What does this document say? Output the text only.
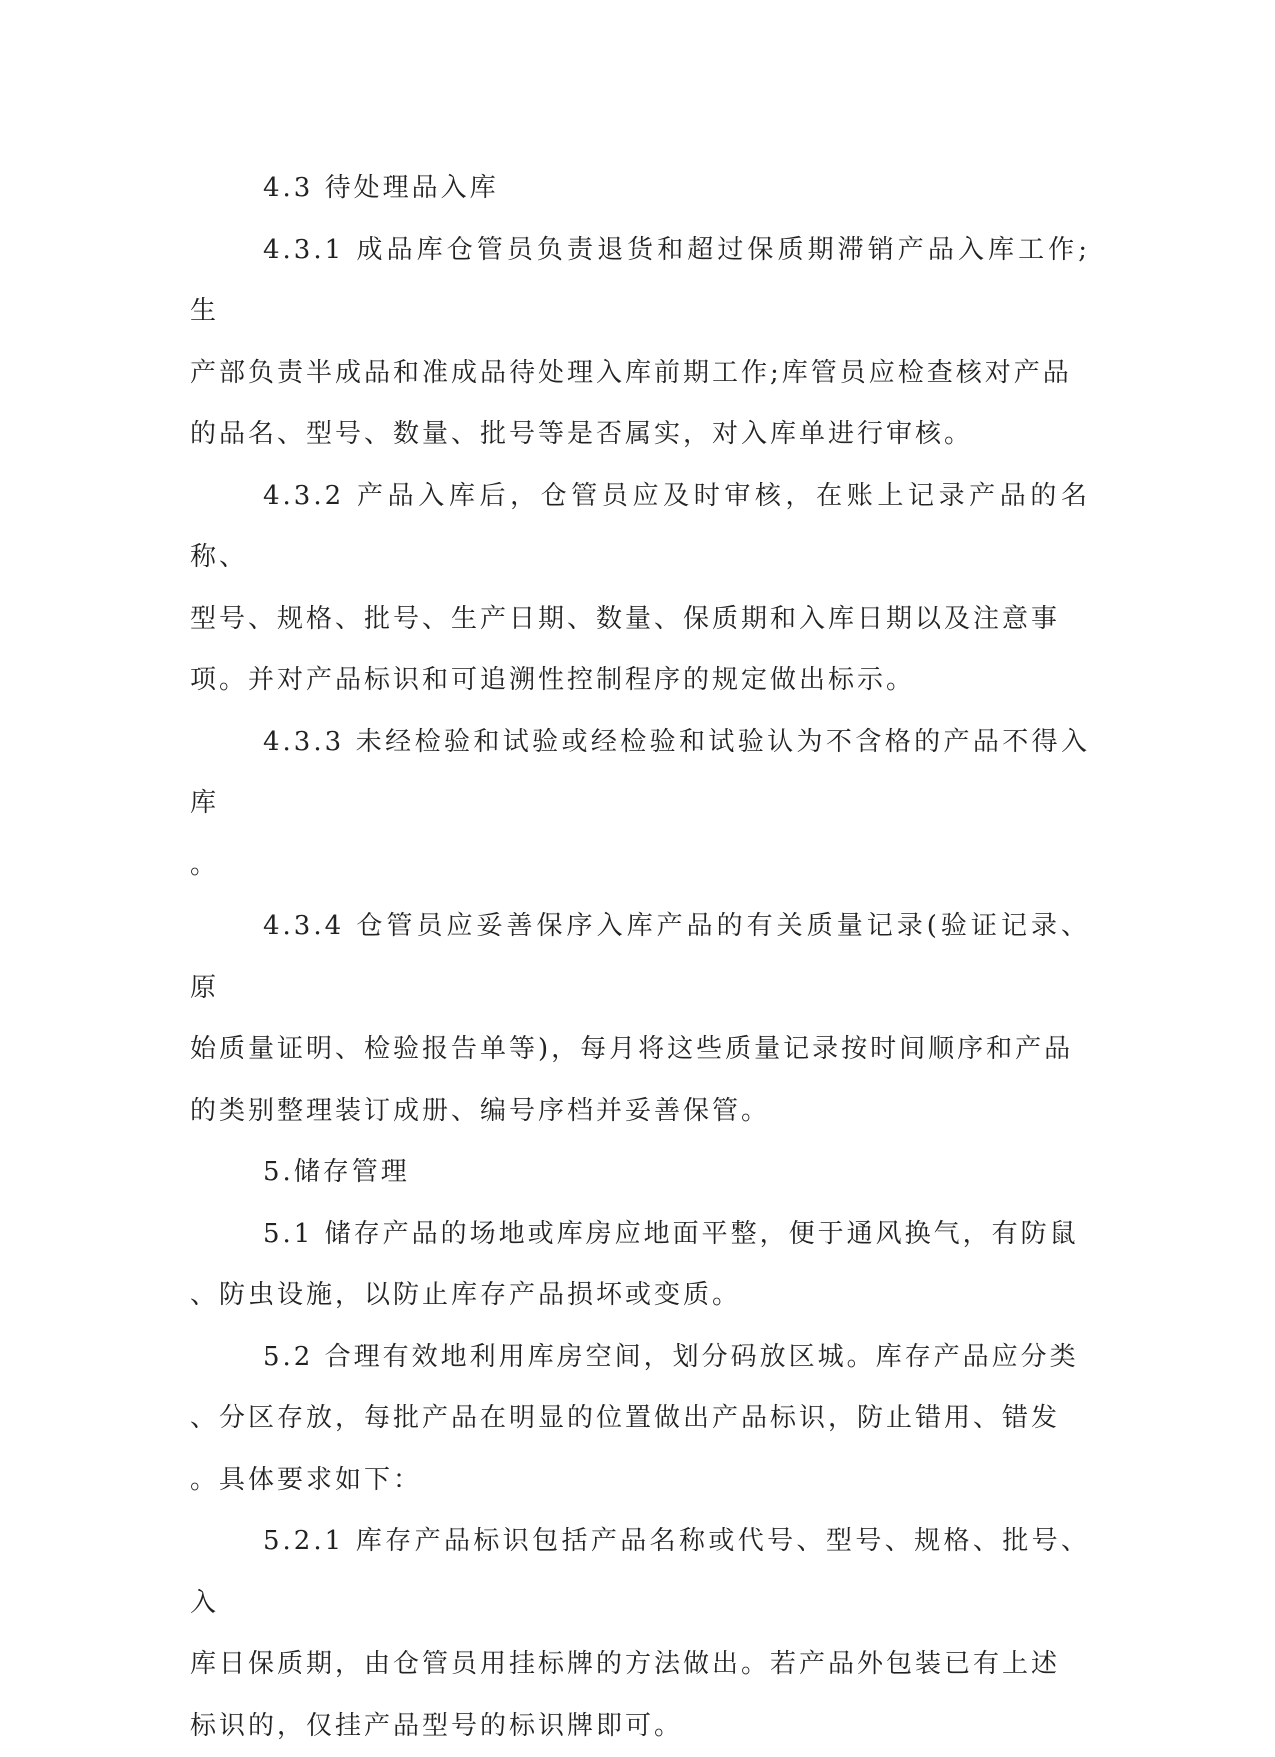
4.3 待处理品入库

4.3.1 成品库仓管员负责退货和超过保质期滞销产品入库工作;生
产部负责半成品和准成品待处理入库前期工作;库管员应检查核对产品
的品名、型号、数量、批号等是否属实，对入库单进行审核。

4.3.2 产品入库后，仓管员应及时审核，在账上记录产品的名称、
型号、规格、批号、生产日期、数量、保质期和入库日期以及注意事
项。并对产品标识和可追溯性控制程序的规定做出标示。

4.3.3 未经检验和试验或经检验和试验认为不含格的产品不得入库
。

4.3.4 仓管员应妥善保序入库产品的有关质量记录(验证记录、原
始质量证明、检验报告单等)，每月将这些质量记录按时间顺序和产品
的类别整理装订成册、编号序档并妥善保管。

5.储存管理

5.1 储存产品的场地或库房应地面平整，便于通风换气，有防鼠
、防虫设施，以防止库存产品损坏或变质。

5.2 合理有效地利用库房空间，划分码放区城。库存产品应分类
、分区存放，每批产品在明显的位置做出产品标识，防止错用、错发
。具体要求如下：

5.2.1 库存产品标识包括产品名称或代号、型号、规格、批号、入
库日保质期，由仓管员用挂标牌的方法做出。若产品外包装已有上述
标识的，仅挂产品型号的标识牌即可。
